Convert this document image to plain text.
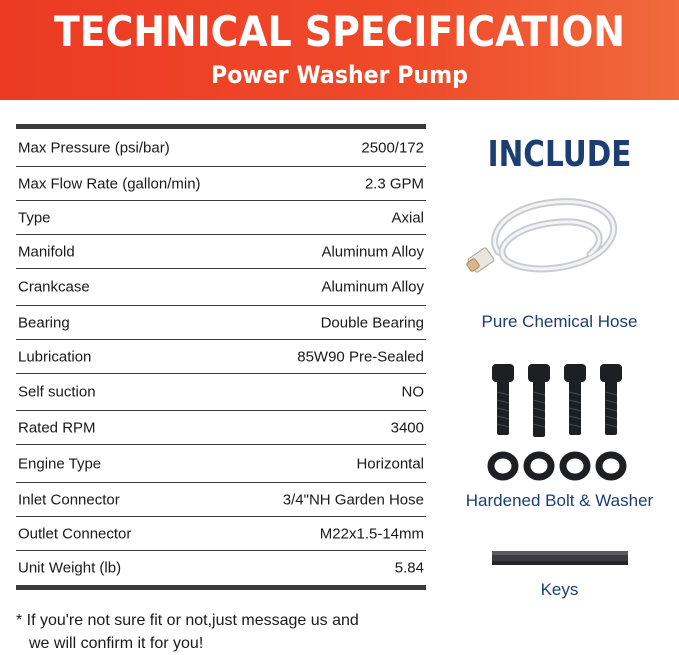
TECHNICAL SPECIFICATION
Power Washer Pump
Max Pressure (psi/bar)	2500/172
Max Flow Rate (gallon/min)	2.3 GPM
Type	Axial
Manifold	Aluminum Alloy
Crankcase	Aluminum Alloy
Bearing	Double Bearing
Lubrication	85W90 Pre-Sealed
Self suction	NO
Rated RPM	3400
Engine Type	Horizontal
Inlet Connector	3/4"NH Garden Hose
Outlet Connector	M22x1.5-14mm
Unit Weight (lb)	5.84
* If you're not sure fit or not,just message us and
we will confirm it for you!
INCLUDE
Pure Chemical Hose
Hardened Bolt & Washer
Keys
